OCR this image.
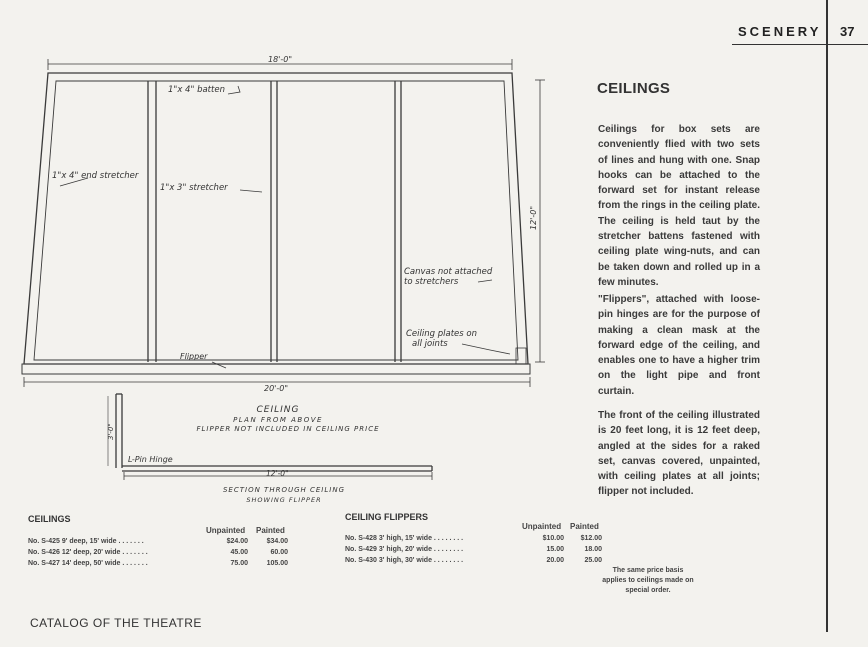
SCENERY 37
18'-0"
1"x 4" batten
1"x 4" end stretcher
1"x 3" stretcher
Canvas not attached
to stretchers
12'-0"
Ceiling plates on
all joints
Flipper
20'-0"
CEILING
PLAN FROM ABOVE
FLIPPER NOT INCLUDED IN CEILING PRICE
3'-0"
L-Pin Hinge
12'-0"
SECTION THROUGH CEILING
SHOWING FLIPPER
CEILINGS
Ceilings for box sets are conveniently flied with two sets of lines and hung with one. Snap hooks can be attached to the forward set for instant release from the rings in the ceiling plate. The ceiling is held taut by the stretcher battens fastened with ceiling plate wing-nuts, and can be taken down and rolled up in a few minutes.
"Flippers", attached with loose-pin hinges are for the purpose of making a clean mask at the forward edge of the ceiling, and enables one to have a higher trim on the light pipe and front curtain.
The front of the ceiling illustrated is 20 feet long, it is 12 feet deep, angled at the sides for a raked set, canvas covered, unpainted, with ceiling plates at all joints; flipper not included.
CEILINGS
Unpainted Painted
No. S-425 9' deep, 15' wide . . . . . . .	$24.00	$34.00
No. S-426 12' deep, 20' wide . . . . . . .	45.00	60.00
No. S-427 14' deep, 50' wide . . . . . . .	75.00	105.00
CEILING FLIPPERS
Unpainted Painted
No. S-428 3' high, 15' wide . . . . . . . .	$10.00	$12.00
No. S-429 3' high, 20' wide . . . . . . . .	15.00	18.00
No. S-430 3' high, 30' wide . . . . . . . .	20.00	25.00
The same price basis applies to ceilings made on special order.
CATALOG OF THE THEATRE
